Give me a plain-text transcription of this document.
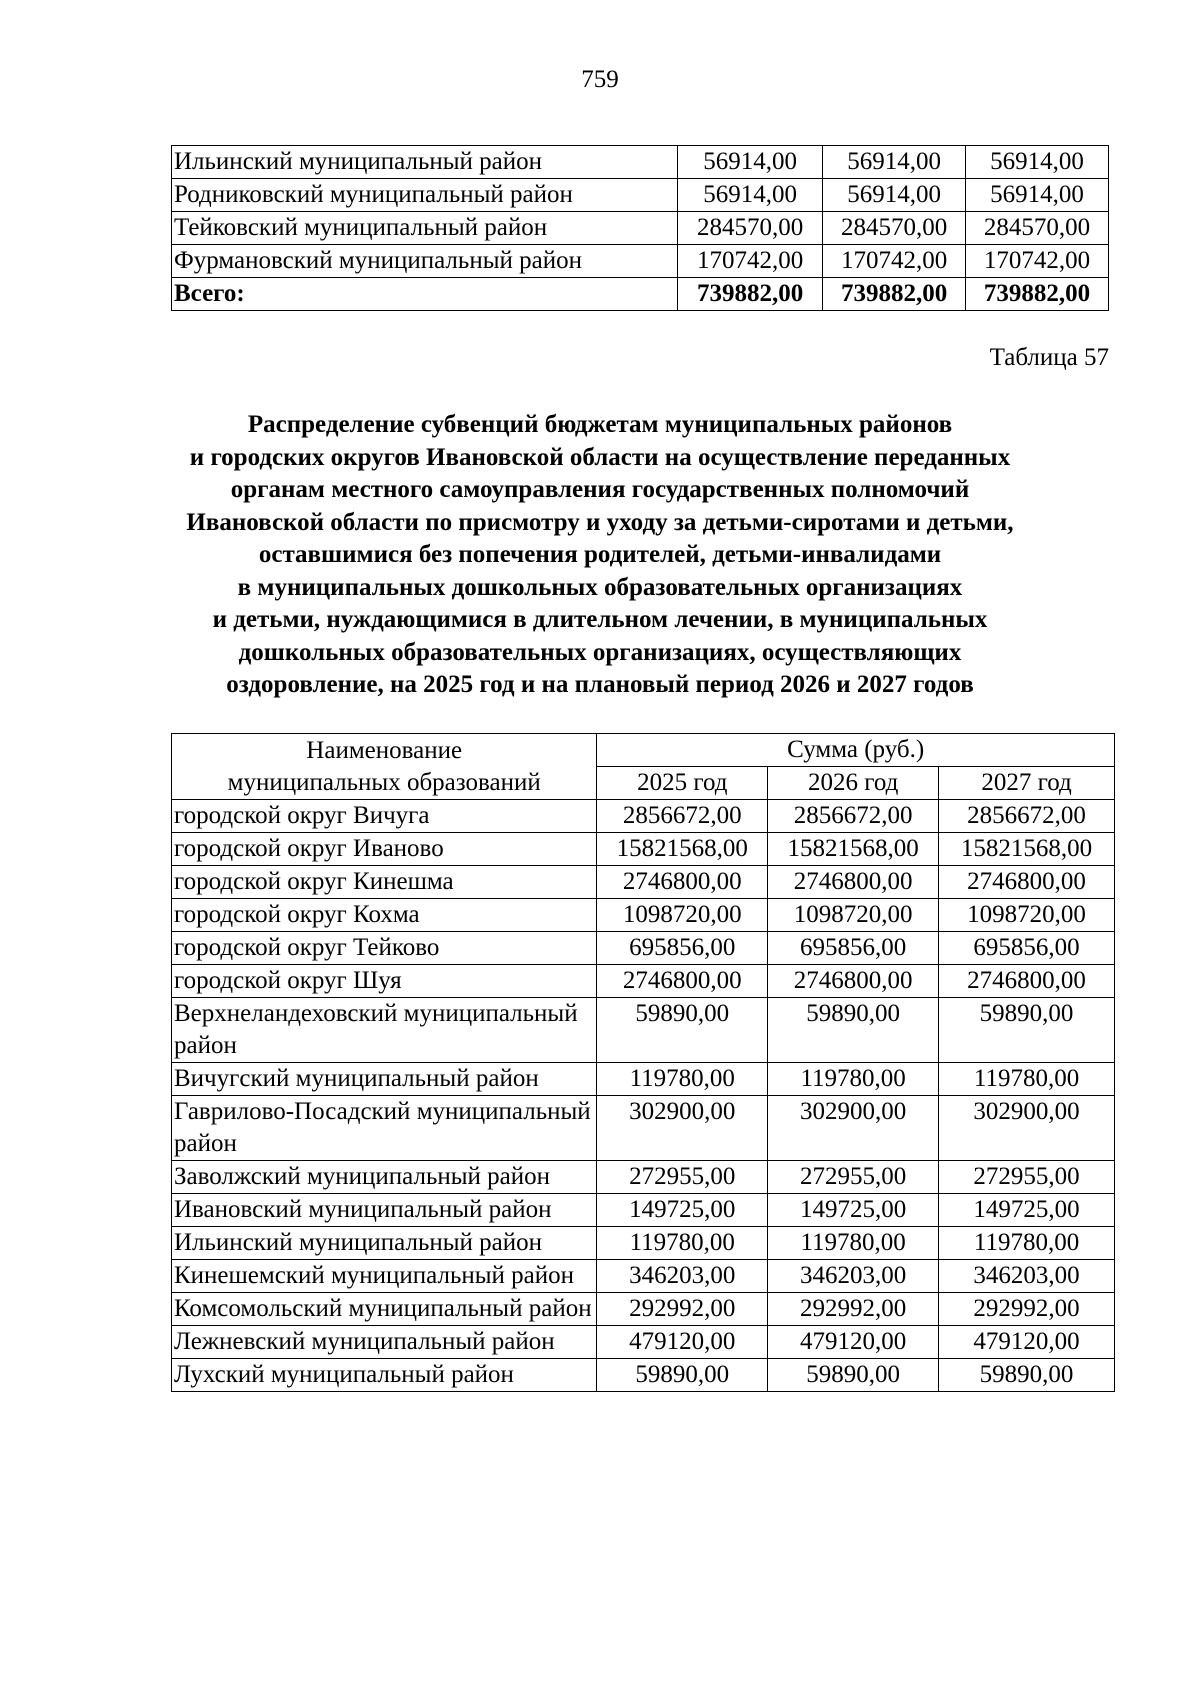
759
Ильинский муниципальный район	56914,00	56914,00	56914,00
Родниковский муниципальный район	56914,00	56914,00	56914,00
Тейковский муниципальный район	284570,00	284570,00	284570,00
Фурмановский муниципальный район	170742,00	170742,00	170742,00
Всего:	739882,00	739882,00	739882,00
Таблица 57
Распределение субвенций бюджетам муниципальных районов
и городских округов Ивановской области на осуществление переданных
органам местного самоуправления государственных полномочий
Ивановской области по присмотру и уходу за детьми-сиротами и детьми,
оставшимися без попечения родителей, детьми-инвалидами
в муниципальных дошкольных образовательных организациях
и детьми, нуждающимися в длительном лечении, в муниципальных
дошкольных образовательных организациях, осуществляющих
оздоровление, на 2025 год и на плановый период 2026 и 2027 годов
Наименование
муниципальных образований	Сумма (руб.)		
	2025 год	2026 год	2027 год
городской округ Вичуга	2856672,00	2856672,00	2856672,00
городской округ Иваново	15821568,00	15821568,00	15821568,00
городской округ Кинешма	2746800,00	2746800,00	2746800,00
городской округ Кохма	1098720,00	1098720,00	1098720,00
городской округ Тейково	695856,00	695856,00	695856,00
городской округ Шуя	2746800,00	2746800,00	2746800,00
Верхнеландеховский муниципальный район	59890,00	59890,00	59890,00
Вичугский муниципальный район	119780,00	119780,00	119780,00
Гаврилово-Посадский муниципальный район	302900,00	302900,00	302900,00
Заволжский муниципальный район	272955,00	272955,00	272955,00
Ивановский муниципальный район	149725,00	149725,00	149725,00
Ильинский муниципальный район	119780,00	119780,00	119780,00
Кинешемский муниципальный район	346203,00	346203,00	346203,00
Комсомольский муниципальный район	292992,00	292992,00	292992,00
Лежневский муниципальный район	479120,00	479120,00	479120,00
Лухский муниципальный район	59890,00	59890,00	59890,00
